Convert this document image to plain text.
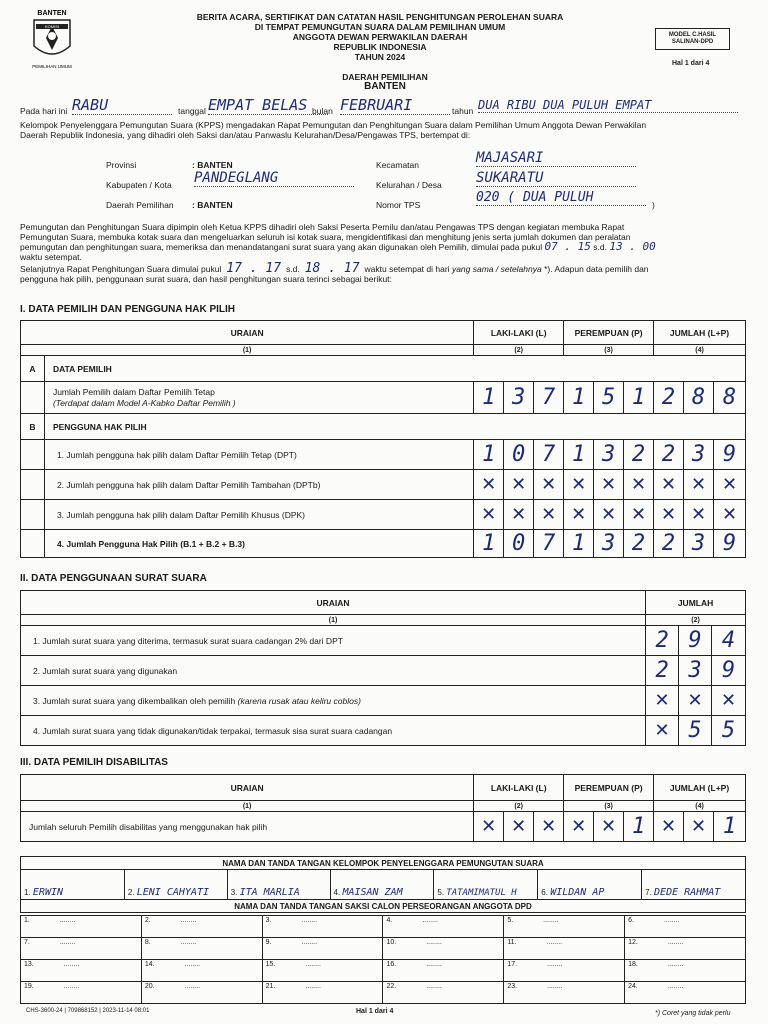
BANTEN
KOMISI
PEMILIHAN UMUM
BERITA ACARA, SERTIFIKAT DAN CATATAN HASIL PENGHITUNGAN PEROLEHAN SUARA
DI TEMPAT PEMUNGUTAN SUARA DALAM PEMILIHAN UMUM
ANGGOTA DEWAN PERWAKILAN DAERAH
REPUBLIK INDONESIA
TAHUN 2024
MODEL C.HASIL SALINAN-DPD
Hal 1 dari 4
DAERAH PEMILIHAN
BANTEN
Pada hari ini RABU	tanggal EMPAT BELAS bulan FEBRUARI	tahun DUA RIBU DUA PULUH EMPAT
Kelompok Penyelenggara Pemungutan Suara (KPPS) mengadakan Rapat Pemungutan dan Penghitungan Suara dalam Pemilihan Umum Anggota Dewan Perwakilan
Daerah Republik Indonesia, yang dihadiri oleh Saksi dan/atau Panwaslu Kelurahan/Desa/Pengawas TPS, bertempat di:
Provinsi	: BANTEN
Kabupaten / Kota PANDEGLANG
Daerah Pemilihan : BANTEN
Kecamatan	MAJASARI
Kelurahan / Desa SUKARATU
Nomor TPS	020 ( DUA PULUH	)
Pemungutan dan Penghitungan Suara dipimpin oleh Ketua KPPS dihadiri oleh Saksi Peserta Pemilu dan/atau Pengawas TPS dengan kegiatan membuka Rapat
Pemungutan Suara, membuka kotak suara dan mengeluarkan seluruh isi kotak suara, mengidentifikasi dan menghitung jenis serta jumlah dokumen dan peralatan
pemungutan dan penghitungan suara, memeriksa dan menandatangani surat suara yang akan digunakan oleh Pemilih, dimulai pada pukul 07 . 15 s.d. 13 . 00
waktu setempat.
Selanjutnya Rapat Penghitungan Suara dimulai pukul 17 . 17 s.d. 18 . 17 waktu setempat di hari yang sama / setelahnya *). Adapun data pemilih dan
pengguna hak pilih, penggunaan surat suara, dan hasil penghitungan suara terinci sebagai berikut:
I. DATA PEMILIH DAN PENGGUNA HAK PILIH
URAIAN		LAKI-LAKI (L)			PEREMPUAN (P)			JUMLAH (L+P)		
(1)		(2)			(3)			(4)		
A	DATA PEMILIH									

	Jumlah Pemilih dalam Daftar Pemilih Tetap
(Terdapat dalam Model A-Kabko Daftar Pemilih )	1	3	7	1	5	1	2	8	8
B	PENGGUNA HAK PILIH									
	1. Jumlah pengguna hak pilih dalam Daftar Pemilih Tetap (DPT)	1	0	7	1	3	2	2	3	9
	2. Jumlah pengguna hak pilih dalam Daftar Pemilih Tambahan (DPTb)	✕	✕	✕	✕	✕	✕	✕	✕	✕
	3. Jumlah pengguna hak pilih dalam Daftar Pemilih Khusus (DPK)	✕	✕	✕	✕	✕	✕	✕	✕	✕
	4. Jumlah Pengguna Hak Pilih (B.1 + B.2 + B.3)	1	0	7	1	3	2	2	3	9
II. DATA PENGGUNAAN SURAT SUARA
URAIAN	JUMLAH		
(1)	(2)		
1. Jumlah surat suara yang diterima, termasuk surat suara cadangan 2% dari DPT	2	9	4
2. Jumlah surat suara yang digunakan	2	3	9
3. Jumlah surat suara yang dikembalikan oleh pemilih (karena rusak atau keliru coblos)	✕	✕	✕
4. Jumlah surat suara yang tidak digunakan/tidak terpakai, termasuk sisa surat suara cadangan	✕	5	5
III. DATA PEMILIH DISABILITAS
URAIAN	LAKI-LAKI (L)			PEREMPUAN (P)			JUMLAH (L+P)		
(1)	(2)			(3)			(4)		
Jumlah seluruh Pemilih disabilitas yang menggunakan hak pilih	✕	✕	✕	✕	✕	1	✕	✕	1
NAMA DAN TANDA TANGAN KELOMPOK PENYELENGGARA PEMUNGUTAN SUARA
1. ERWIN	2. LENI CAHYATI	3. ITA MARLIA	4. MAISAN ZAM	5. TATAMIMATUL H	6. WILDAN AP	7. DEDE RAHMAT
NAMA DAN TANDA TANGAN SAKSI CALON PERSEORANGAN ANGGOTA DPD
1. ........	2. ........	3. ........	4. ........	5. ........	6. ........
7. ........	8. ........	9. ........	10. ........	11. ........	12. ........
13. ........	14. ........	15. ........	16. ........	17. ........	18. ........
19. ........	20. ........	21. ........	22. ........	23. ........	24. ........
CHS-3600-24 | 709868152 | 2023-11-14 08:01	Hal 1 dari 4	*) Coret yang tidak perlu
